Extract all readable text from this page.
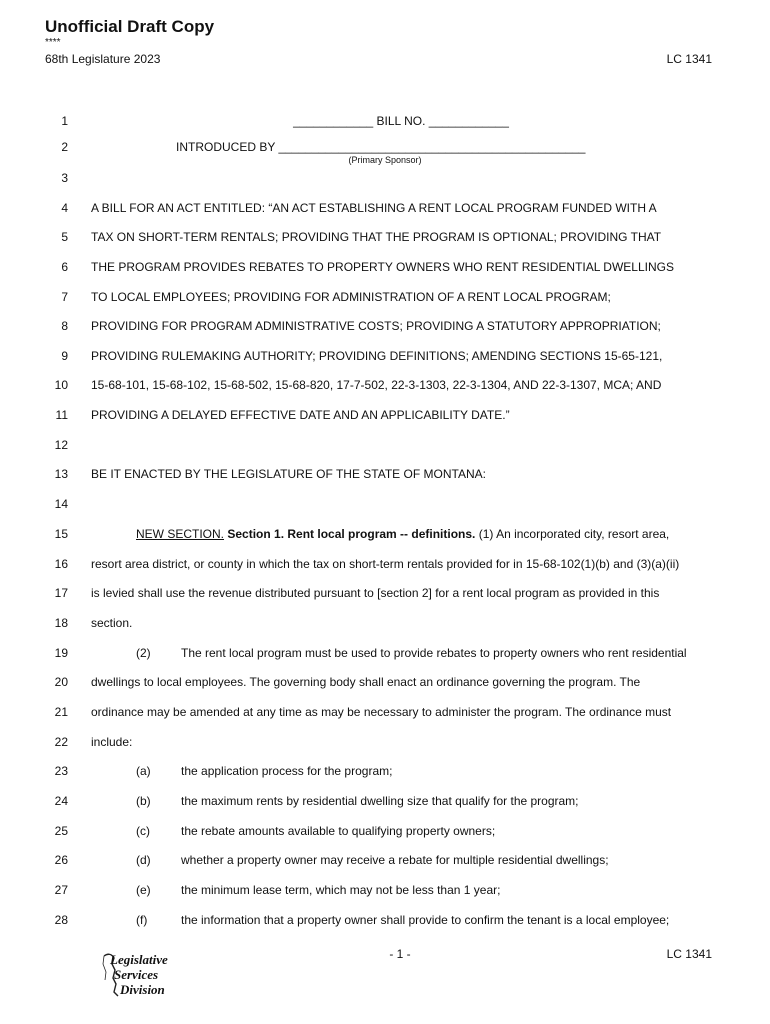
Unofficial Draft Copy
****
68th Legislature 2023	LC 1341
1	____________ BILL NO. ____________
2	INTRODUCED BY ______________________________________________
(Primary Sponsor)
3
4 A BILL FOR AN ACT ENTITLED: “AN ACT ESTABLISHING A RENT LOCAL PROGRAM FUNDED WITH A
5 TAX ON SHORT-TERM RENTALS; PROVIDING THAT THE PROGRAM IS OPTIONAL; PROVIDING THAT
6 THE PROGRAM PROVIDES REBATES TO PROPERTY OWNERS WHO RENT RESIDENTIAL DWELLINGS
7 TO LOCAL EMPLOYEES; PROVIDING FOR ADMINISTRATION OF A RENT LOCAL PROGRAM;
8 PROVIDING FOR PROGRAM ADMINISTRATIVE COSTS; PROVIDING A STATUTORY APPROPRIATION;
9 PROVIDING RULEMAKING AUTHORITY; PROVIDING DEFINITIONS; AMENDING SECTIONS 15-65-121,
10 15-68-101, 15-68-102, 15-68-502, 15-68-820, 17-7-502, 22-3-1303, 22-3-1304, AND 22-3-1307, MCA; AND
11 PROVIDING A DELAYED EFFECTIVE DATE AND AN APPLICABILITY DATE.”
12
13 BE IT ENACTED BY THE LEGISLATURE OF THE STATE OF MONTANA:
14
15	NEW SECTION. Section 1. Rent local program -- definitions. (1) An incorporated city, resort area,
16 resort area district, or county in which the tax on short-term rentals provided for in 15-68-102(1)(b) and (3)(a)(ii)
17 is levied shall use the revenue distributed pursuant to [section 2] for a rent local program as provided in this
18 section.
19	(2)	The rent local program must be used to provide rebates to property owners who rent residential
20 dwellings to local employees. The governing body shall enact an ordinance governing the program. The
21 ordinance may be amended at any time as may be necessary to administer the program. The ordinance must
22 include:
23	(a)	the application process for the program;
24	(b)	the maximum rents by residential dwelling size that qualify for the program;
25	(c)	the rebate amounts available to qualifying property owners;
26	(d)	whether a property owner may receive a rebate for multiple residential dwellings;
27	(e)	the minimum lease term, which may not be less than 1 year;
28	(f)	the information that a property owner shall provide to confirm the tenant is a local employee;
- 1 -	LC 1341
Legislative
Services
Division
